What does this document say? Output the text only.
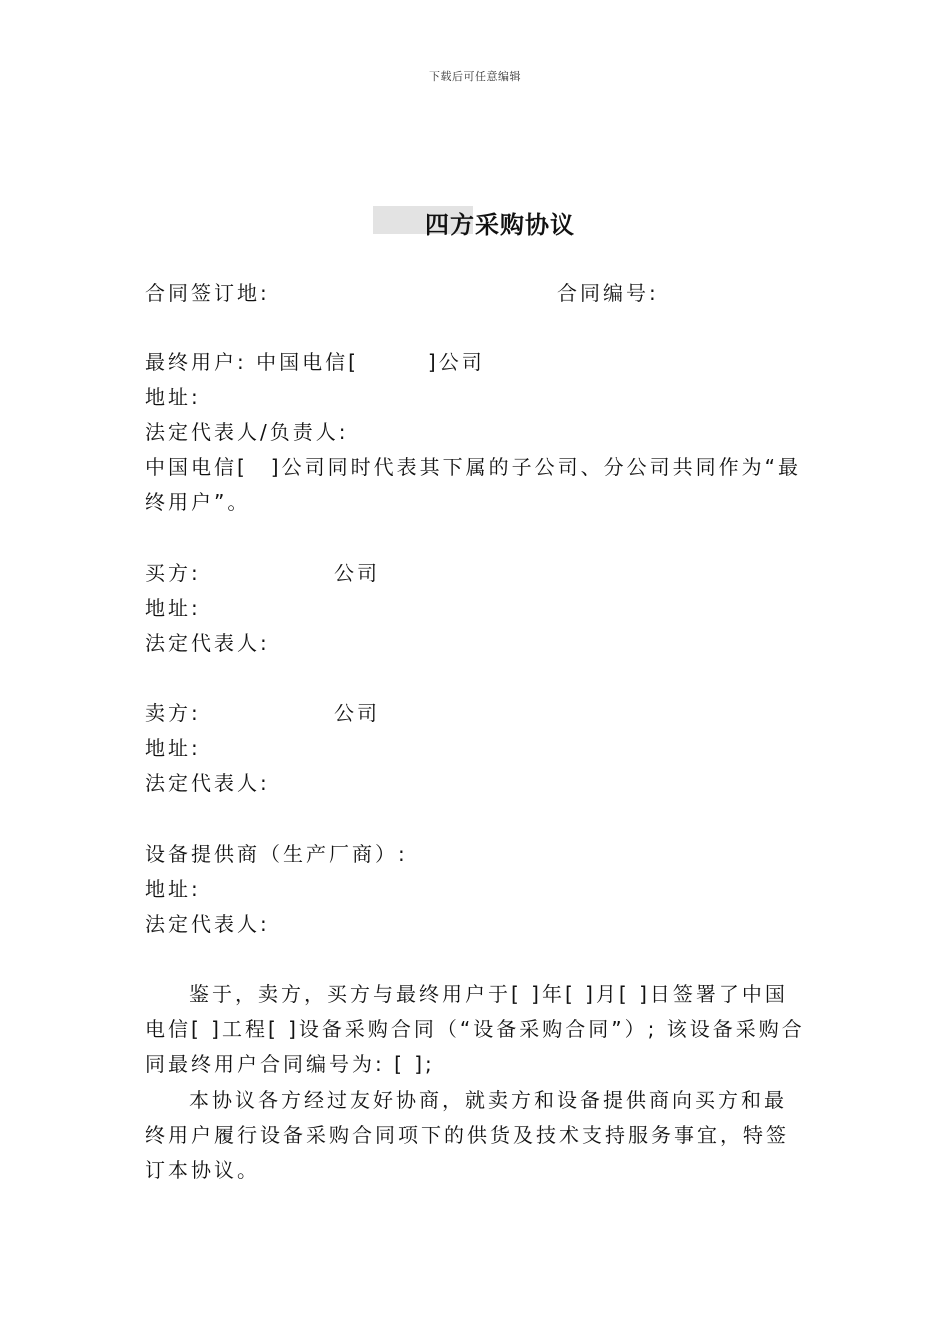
下载后可任意编辑
四方采购协议
合同签订地:	合同编号:
最终用户: 中国电信[　　　]公司
地址:
法定代表人/负责人:
中国电信[　]公司同时代表其下属的子公司、分公司共同作为“最终用户”。
买方:	公司
地址:
法定代表人:
卖方:	公司
地址:
法定代表人:
设备提供商（生产厂商）:
地址:
法定代表人:
鉴于，卖方，买方与最终用户于[ ]年[ ]月[ ]日签署了中国电信[ ]工程[ ]设备采购合同（“设备采购合同”）; 该设备采购合同最终用户合同编号为: [ ];
本协议各方经过友好协商，就卖方和设备提供商向买方和最终用户履行设备采购合同项下的供货及技术支持服务事宜，特签订本协议。
